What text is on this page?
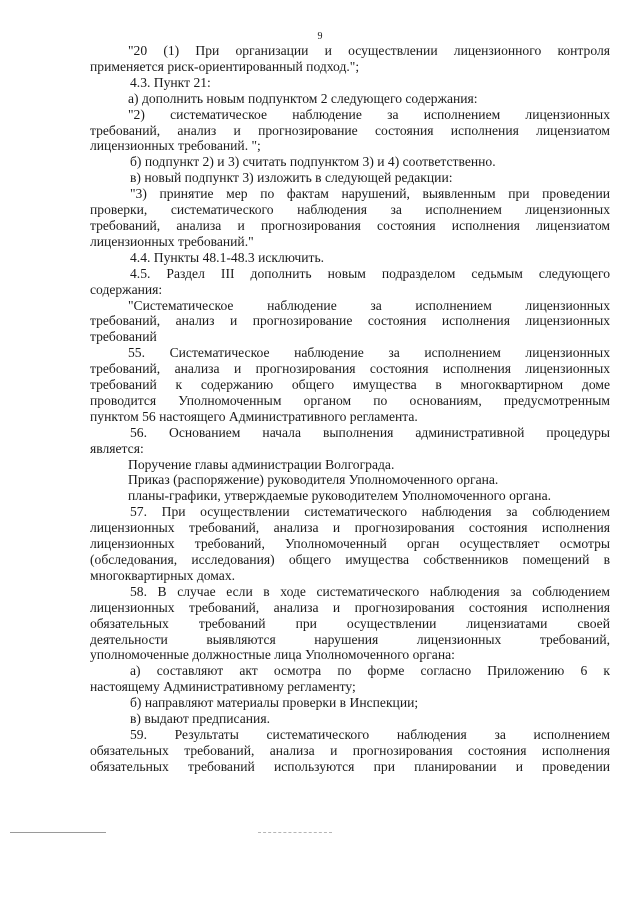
9

"20 (1) При организации и осуществлении лицензионного контроля

применяется риск-ориентированный подход.";

4.3. Пункт 21:

а) дополнить новым подпунктом 2 следующего содержания:

"2) систематическое наблюдение за исполнением лицензионных

требований, анализ и прогнозирование состояния исполнения лицензиатом

лицензионных требований. ";

б) подпункт 2) и 3) считать подпунктом 3) и 4) соответственно.

в) новый подпункт 3) изложить в следующей редакции:

"3) принятие мер по фактам нарушений, выявленным при проведении

проверки, систематического наблюдения за исполнением лицензионных

требований, анализа и прогнозирования состояния исполнения лицензиатом

лицензионных требований."

4.4. Пункты 48.1-48.3 исключить.

4.5. Раздел III дополнить новым подразделом седьмым следующего

содержания:

"Систематическое наблюдение за исполнением лицензионных

требований, анализ и прогнозирование состояния исполнения лицензионных

требований

55. Систематическое наблюдение за исполнением лицензионных

требований, анализа и прогнозирования состояния исполнения лицензионных

требований к содержанию общего имущества в многоквартирном доме

проводится Уполномоченным органом по основаниям, предусмотренным

пунктом 56 настоящего Административного регламента.

56. Основанием начала выполнения административной процедуры

является:

Поручение главы администрации Волгограда.

Приказ (распоряжение) руководителя Уполномоченного органа.

планы-графики, утверждаемые руководителем Уполномоченного органа.

57. При осуществлении систематического наблюдения за соблюдением

лицензионных требований, анализа и прогнозирования состояния исполнения

лицензионных требований, Уполномоченный орган осуществляет осмотры

(обследования, исследования) общего имущества собственников помещений в

многоквартирных домах.

58. В случае если в ходе систематического наблюдения за соблюдением

лицензионных требований, анализа и прогнозирования состояния исполнения

обязательных требований при осуществлении лицензиатами своей

деятельности выявляются нарушения лицензионных требований,

уполномоченные должностные лица Уполномоченного органа:

а) составляют акт осмотра по форме согласно Приложению 6 к

настоящему Административному регламенту;

б) направляют материалы проверки в Инспекции;

в) выдают предписания.

59. Результаты систематического наблюдения за исполнением

обязательных требований, анализа и прогнозирования состояния исполнения

обязательных требований используются при планировании и проведении
